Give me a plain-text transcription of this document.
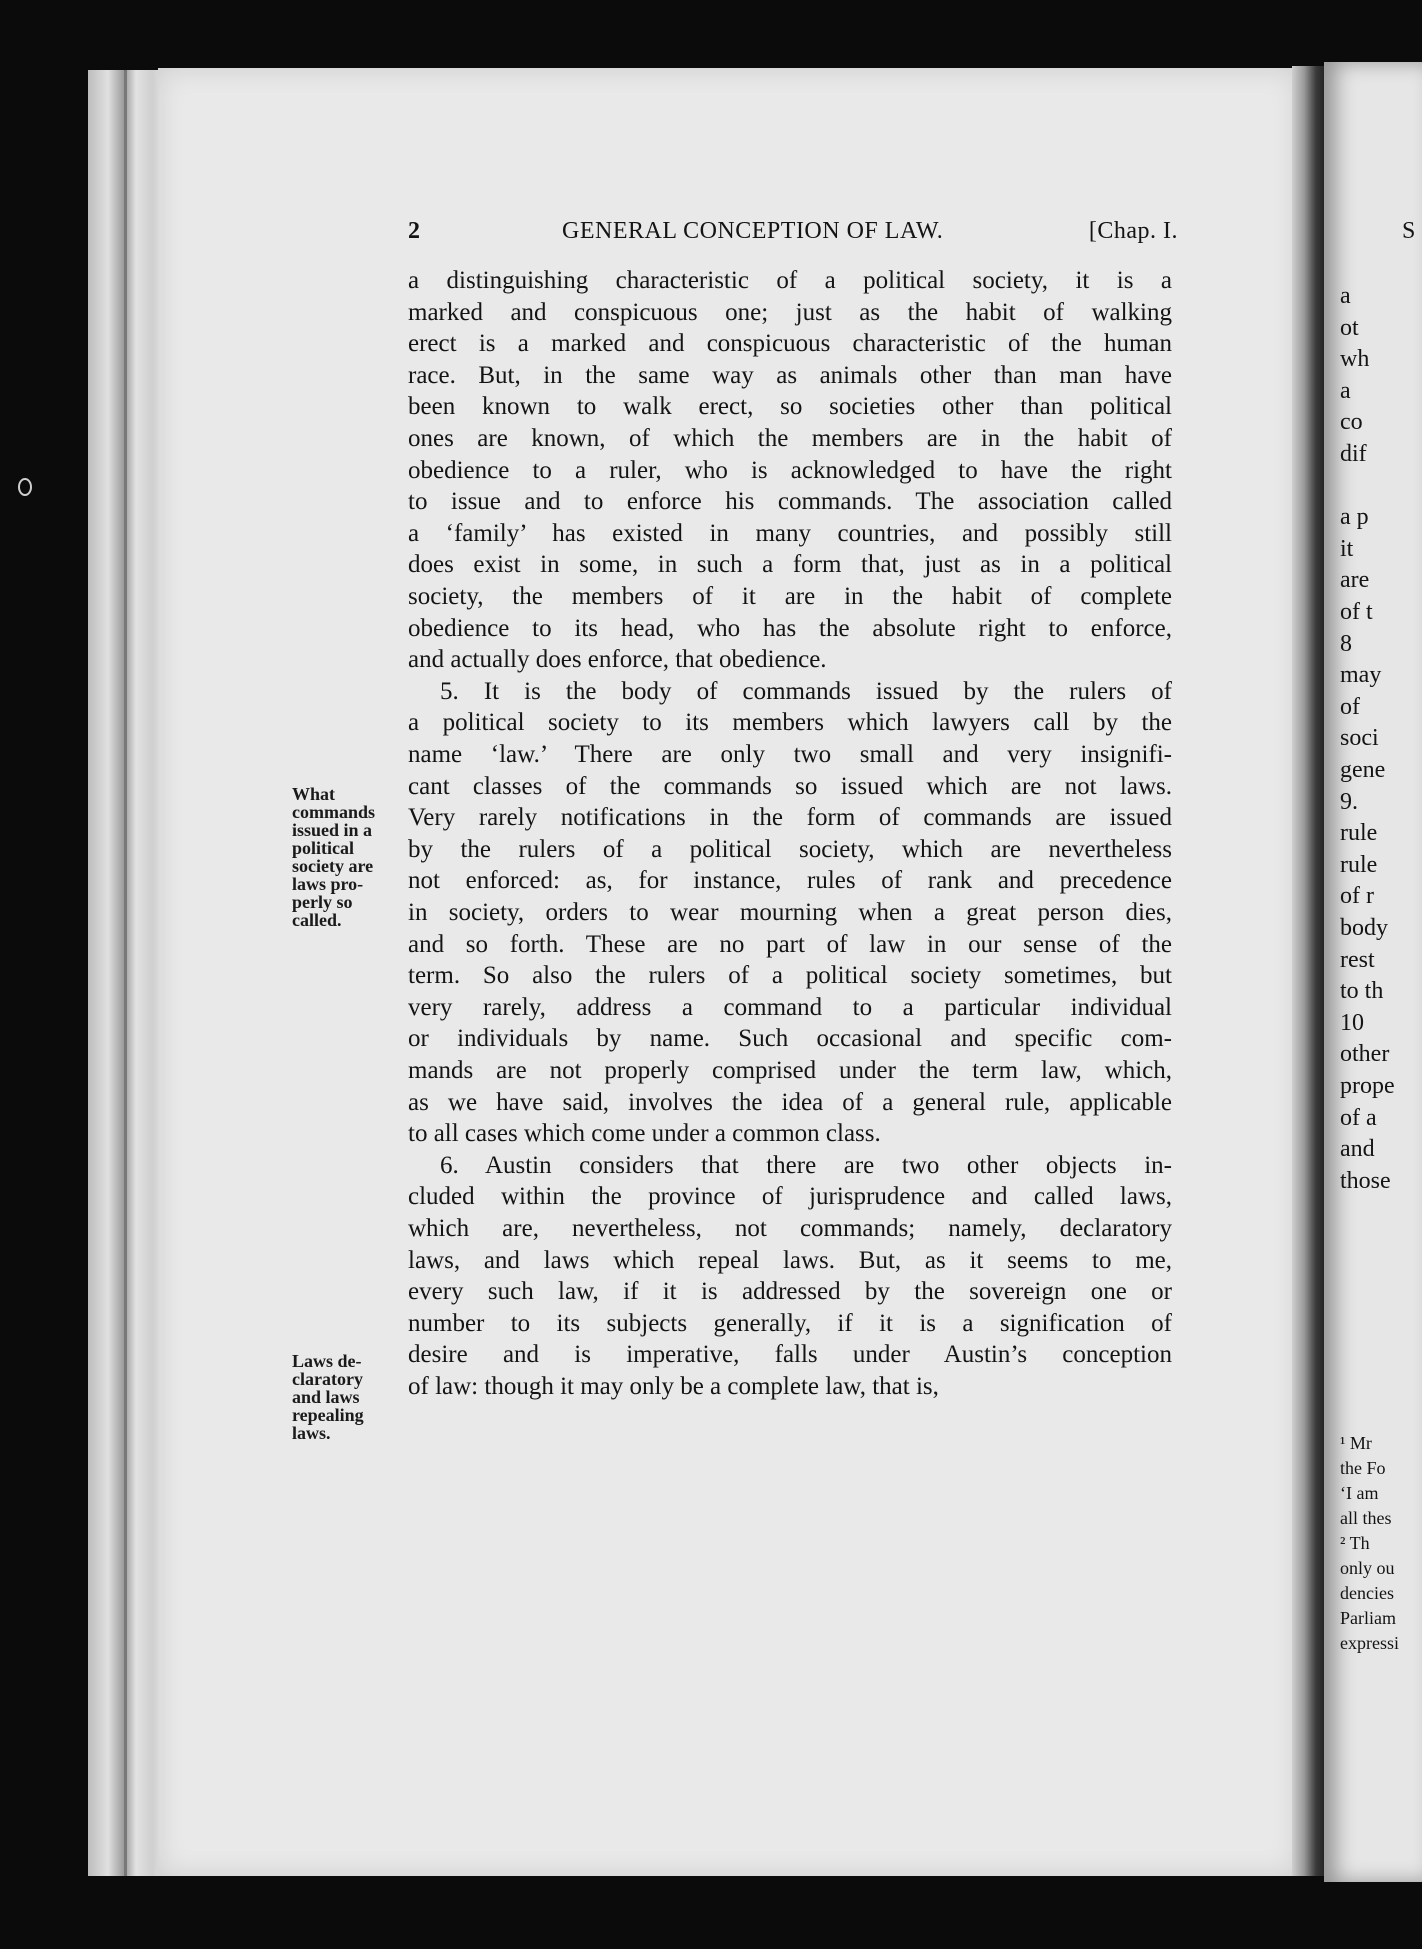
2	GENERAL CONCEPTION OF LAW.	[Chap. I.
a distinguishing characteristic of a political society, it is a
marked and conspicuous one; just as the habit of walking
erect is a marked and conspicuous characteristic of the human
race. But, in the same way as animals other than man have
been known to walk erect, so societies other than political
ones are known, of which the members are in the habit of
obedience to a ruler, who is acknowledged to have the right
to issue and to enforce his commands. The association called
a ‘family’ has existed in many countries, and possibly still
does exist in some, in such a form that, just as in a political
society, the members of it are in the habit of complete
obedience to its head, who has the absolute right to enforce,
and actually does enforce, that obedience.
5. It is the body of commands issued by the rulers of
a political society to its members which lawyers call by the
name ‘law.’ There are only two small and very insignifi-
cant classes of the commands so issued which are not laws.
Very rarely notifications in the form of commands are issued
by the rulers of a political society, which are nevertheless
not enforced: as, for instance, rules of rank and precedence
in society, orders to wear mourning when a great person dies,
and so forth. These are no part of law in our sense of the
term. So also the rulers of a political society sometimes, but
very rarely, address a command to a particular individual
or individuals by name. Such occasional and specific com-
mands are not properly comprised under the term law, which,
as we have said, involves the idea of a general rule, applicable
to all cases which come under a common class.
6. Austin considers that there are two other objects in-
cluded within the province of jurisprudence and called laws,
which are, nevertheless, not commands; namely, declaratory
laws, and laws which repeal laws. But, as it seems to me,
every such law, if it is addressed by the sovereign one or
number to its subjects generally, if it is a signification of
desire and is imperative, falls under Austin’s conception
of law: though it may only be a complete law, that is,
What
commands
issued in a
political
society are
laws pro-
perly so
called.
Laws de-
claratory
and laws
repealing
laws.
S
a
ot
wh
a
co
dif
a p
it
are
of t
8
may
of
soci
gene
9.
rule
rule
of r
body
rest
to th
10
other
prope
of a
and
those
¹ Mr
the Fo
‘I am
all thes
² Th
only ou
dencies
Parliam
expressi
